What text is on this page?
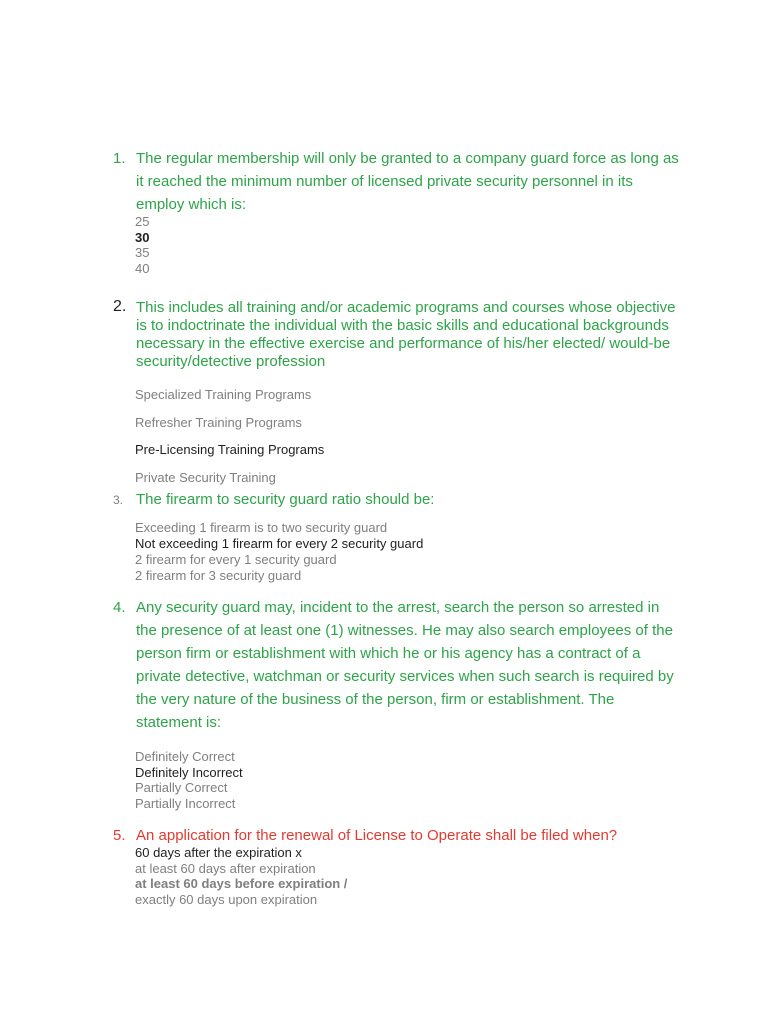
1. The regular membership will only be granted to a company guard force as long as it reached the minimum number of licensed private security personnel in its employ which is:
25
30
35
40
2. This includes all training and/or academic programs and courses whose objective is to indoctrinate the individual with the basic skills and educational backgrounds necessary in the effective exercise and performance of his/her elected/ would-be security/detective profession
Specialized Training Programs
Refresher Training Programs
Pre-Licensing Training Programs
Private Security Training
3. The firearm to security guard ratio should be:
Exceeding 1 firearm is to two security guard
Not exceeding 1 firearm for every 2 security guard
2 firearm for every 1 security guard
2 firearm for 3 security guard
4. Any security guard may, incident to the arrest, search the person so arrested in the presence of at least one (1) witnesses. He may also search employees of the person firm or establishment with which he or his agency has a contract of a private detective, watchman or security services when such search is required by the very nature of the business of the person, firm or establishment. The statement is:
Definitely Correct
Definitely Incorrect
Partially Correct
Partially Incorrect
5. An application for the renewal of License to Operate shall be filed when?
60 days after the expiration x
at least 60 days after expiration
at least 60 days before expiration /
exactly 60 days upon expiration
